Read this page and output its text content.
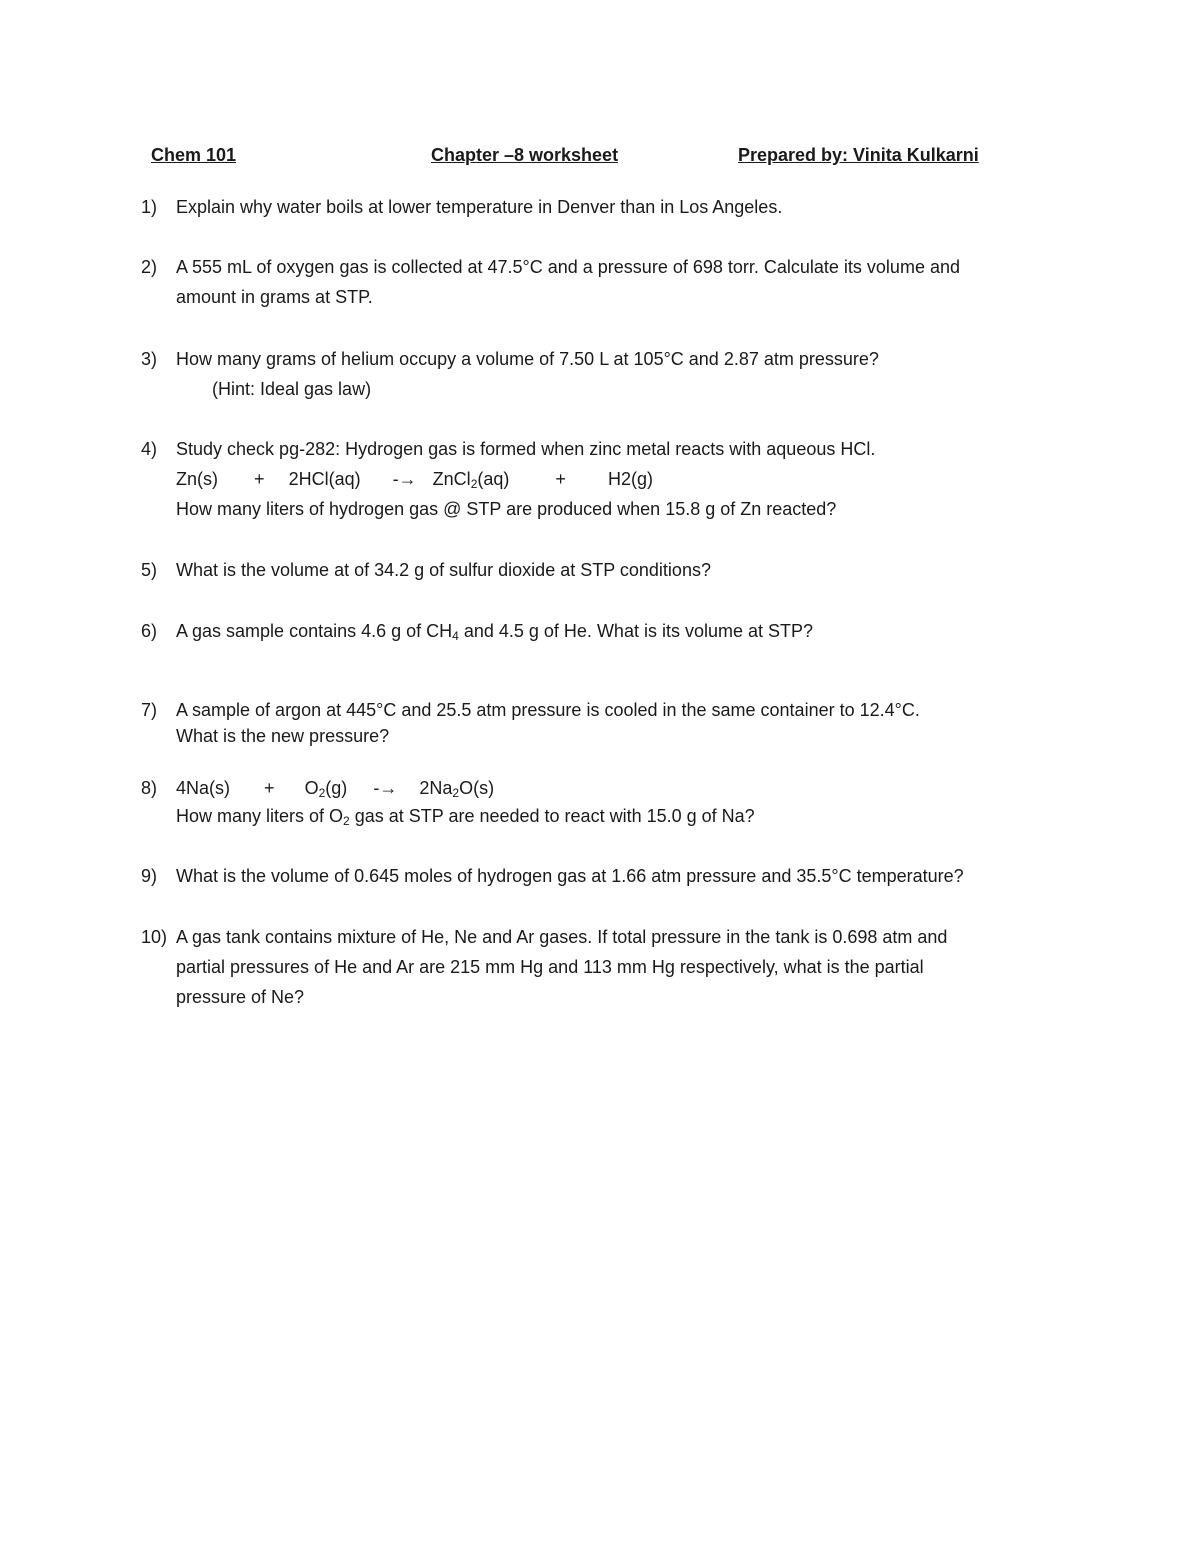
Chem 101	Chapter –8 worksheet	Prepared by: Vinita Kulkarni
1)	Explain why water boils at lower temperature in Denver than in Los Angeles.
2)	A 555 mL of oxygen gas is collected at 47.5°C and a pressure of 698 torr. Calculate its volume and
amount in grams at STP.
3)	How many grams of helium occupy a volume of 7.50 L at 105°C and 2.87 atm pressure?
(Hint: Ideal gas law)
4)	Study check pg-282: Hydrogen gas is formed when zinc metal reacts with aqueous HCl.
Zn(s) + 2HCl(aq) -→ ZnCl$_2$(aq)	+ H2(g)
How many liters of hydrogen gas @ STP are produced when 15.8 g of Zn reacted?
5)	What is the volume at of 34.2 g of sulfur dioxide at STP conditions?
6)	A gas sample contains 4.6 g of $CH_4$ and 4.5 g of He. What is its volume at STP?
7)	A sample of argon at 445°C and 25.5 atm pressure is cooled in the same container to 12.4°C.
What is the new pressure?
8)	$4Na(s) + O_2(g) -\to 2Na_2O(s)$
How many liters of $O_2$ gas at STP are needed to react with 15.0 g of Na?
9)	What is the volume of 0.645 moles of hydrogen gas at 1.66 atm pressure and 35.5°C temperature?
10) A gas tank contains mixture of He, Ne and Ar gases. If total pressure in the tank is 0.698 atm and
partial pressures of He and Ar are 215 mm Hg and 113 mm Hg respectively, what is the partial
pressure of Ne?
